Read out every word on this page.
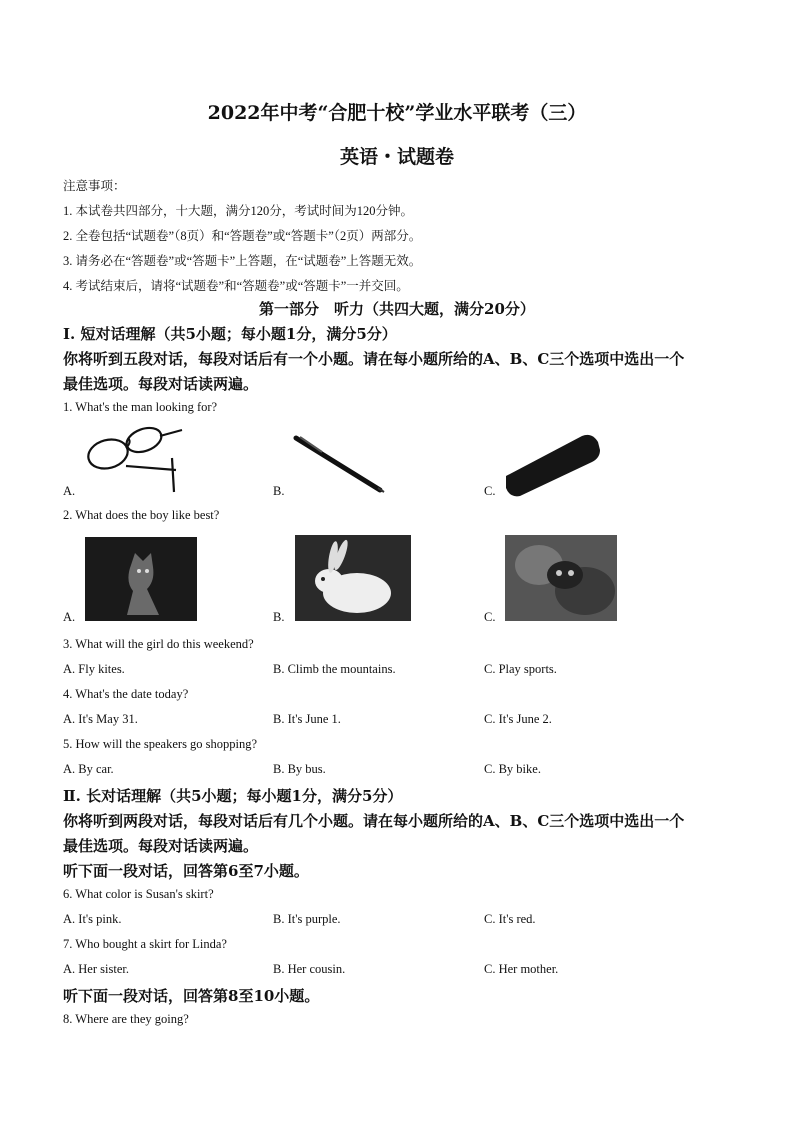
2022年中考“合肥十校”学业水平联考（三）
英语・试题卷
注意事项：
1. 本试卷共四部分，十大题，满分120分，考试时间为120分钟。
2. 全卷包括“试题卷”（8页）和“答题卷”或“答题卡”（2页）两部分。
3. 请务必在“答题卷”或“答题卡”上答题，在“试题卷”上答题无效。
4. 考试结束后，请将“试题卷”和“答题卷”或“答题卡”一并交回。
第一部分　听力（共四大题，满分20分）
Ⅰ. 短对话理解（共5小题；每小题1分，满分5分）
你将听到五段对话，每段对话后有一个小题。请在每小题所给的A、B、C三个选项中选出一个
最佳选项。每段对话读两遍。
1. What's the man looking for?
A.	B.	C.
2. What does the boy like best?
A.	B.	C.
3. What will the girl do this weekend?
A. Fly kites.	B. Climb the mountains.	C. Play sports.
4. What's the date today?
A. It's May 31.	B. It's June 1.	C. It's June 2.
5. How will the speakers go shopping?
A. By car.	B. By bus.	C. By bike.
Ⅱ. 长对话理解（共5小题；每小题1分，满分5分）
你将听到两段对话，每段对话后有几个小题。请在每小题所给的A、B、C三个选项中选出一个
最佳选项。每段对话读两遍。
听下面一段对话，回答第6至7小题。
6. What color is Susan's skirt?
A. It's pink.	B. It's purple.	C. It's red.
7. Who bought a skirt for Linda?
A. Her sister.	B. Her cousin.	C. Her mother.
听下面一段对话，回答第8至10小题。
8. Where are they going?
